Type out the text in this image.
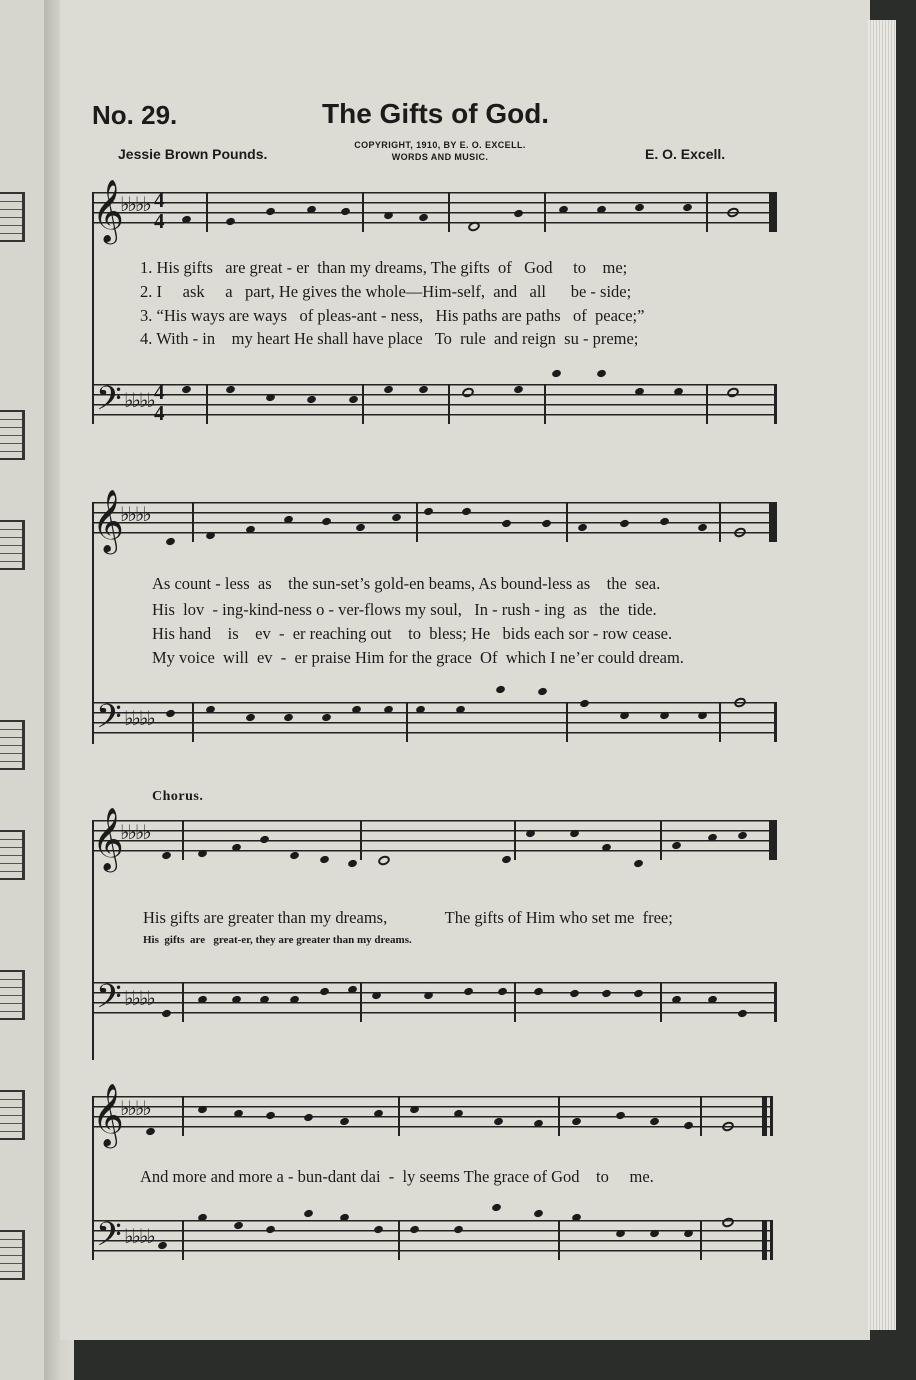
No. 29.	The Gifts of God.
COPYRIGHT, 1910, BY E. O. EXCELL.
WORDS AND MUSIC.
Jessie Brown Pounds.	E. O. Excell.
𝄞
♭♭♭♭ 4
4
1. His gifts   are great - er  than my dreams, The gifts  of   God     to    me;
2. I     ask     a   part, He gives the whole—Him-self,  and   all      be - side;
3. “His ways are ways   of pleas-ant - ness,   His paths are paths   of  peace;”
4. With - in    my heart He shall have place   To  rule  and reign  su - preme;
𝄢 ♭♭♭♭ 4
4
𝄞
♭♭♭♭
As count - less  as    the sun-set’s gold-en beams, As bound-less as    the  sea.
His  lov  - ing-kind-ness o - ver-flows my soul,   In - rush - ing  as   the  tide.
His hand    is    ev  -  er reaching out    to  bless; He   bids each sor - row cease.
My voice  will  ev  -  er praise Him for the grace  Of  which I ne’er could dream.
𝄢 ♭♭♭♭
Chorus.
𝄞
♭♭♭♭
His gifts are greater than my dreams,              The gifts of Him who set me  free;
His  gifts  are   great-er, they are greater than my dreams.
𝄢 ♭♭♭♭
𝄞
♭♭♭♭
And more and more a - bun-dant dai  -  ly seems The grace of God    to     me.
𝄢 ♭♭♭♭
